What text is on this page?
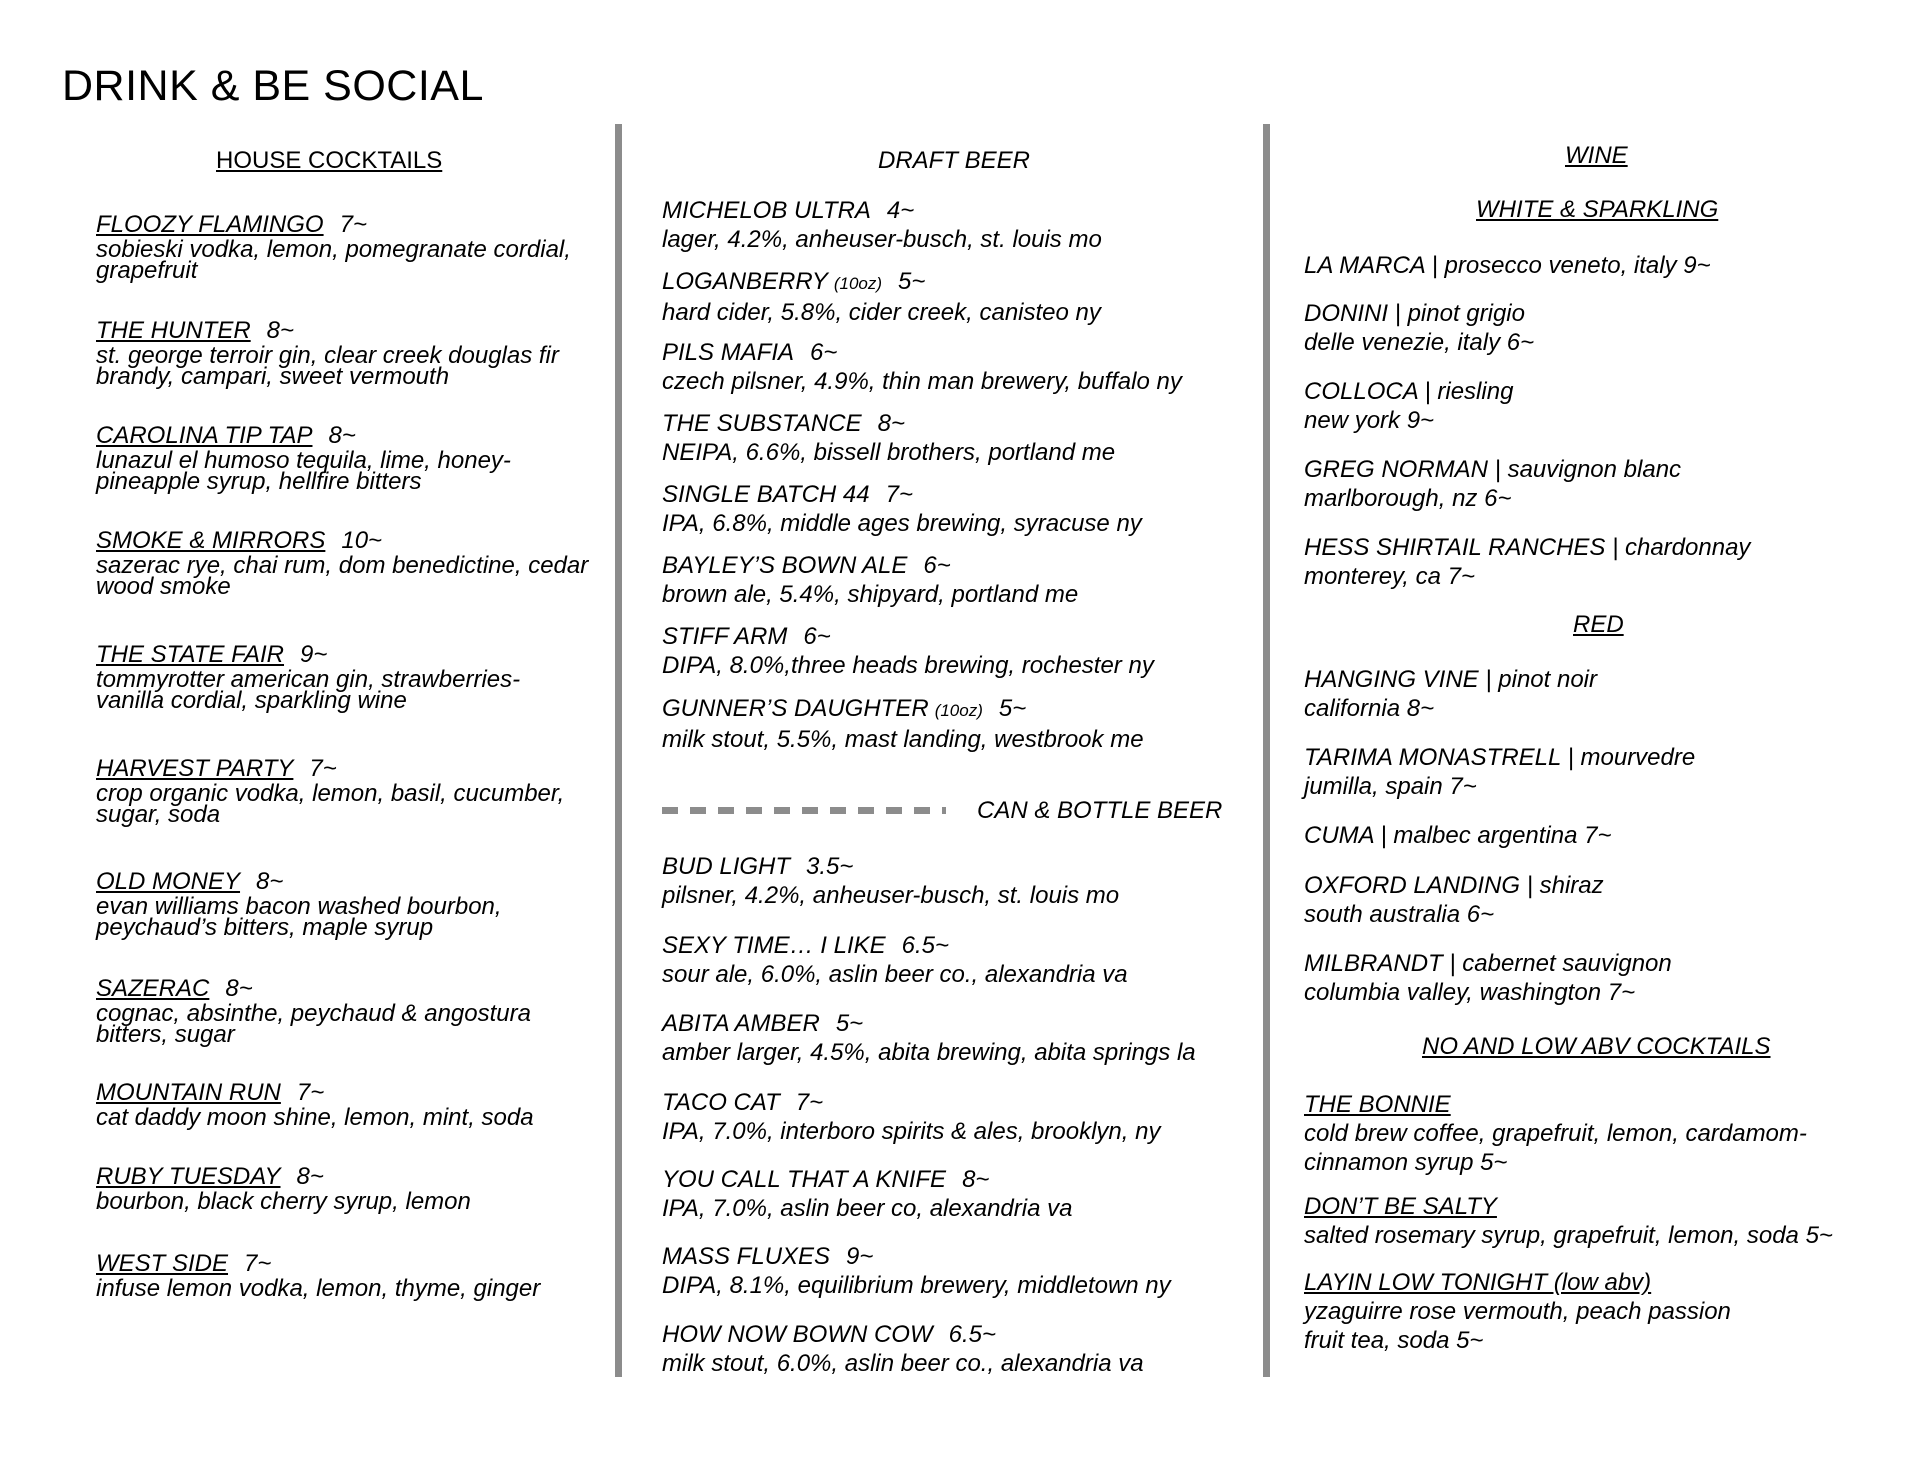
DRINK & BE SOCIAL
HOUSE COCKTAILS
FLOOZY FLAMINGO 7~
sobieski vodka, lemon, pomegranate cordial,
grapefruit
THE HUNTER 8~
st. george terroir gin, clear creek douglas fir
brandy, campari, sweet vermouth
CAROLINA TIP TAP 8~
lunazul el humoso tequila, lime, honey-
pineapple syrup, hellfire bitters
SMOKE & MIRRORS 10~
sazerac rye, chai rum, dom benedictine, cedar
wood smoke
THE STATE FAIR 9~
tommyrotter american gin, strawberries-
vanilla cordial, sparkling wine
HARVEST PARTY 7~
crop organic vodka, lemon, basil, cucumber,
sugar, soda
OLD MONEY 8~
evan williams bacon washed bourbon,
peychaud’s bitters, maple syrup
SAZERAC 8~
cognac, absinthe, peychaud & angostura
bitters, sugar
MOUNTAIN RUN 7~
cat daddy moon shine, lemon, mint, soda
RUBY TUESDAY 8~
bourbon, black cherry syrup, lemon
WEST SIDE 7~
infuse lemon vodka, lemon, thyme, ginger
DRAFT BEER
MICHELOB ULTRA 4~
lager, 4.2%, anheuser-busch, st. louis mo
LOGANBERRY (10oz) 5~
hard cider, 5.8%, cider creek, canisteo ny
PILS MAFIA 6~
czech pilsner, 4.9%, thin man brewery, buffalo ny
THE SUBSTANCE 8~
NEIPA, 6.6%, bissell brothers, portland me
SINGLE BATCH 44 7~
IPA, 6.8%, middle ages brewing, syracuse ny
BAYLEY’S BOWN ALE 6~
brown ale, 5.4%, shipyard, portland me
STIFF ARM 6~
DIPA, 8.0%,three heads brewing, rochester ny
GUNNER’S DAUGHTER (10oz) 5~
milk stout, 5.5%, mast landing, westbrook me
CAN & BOTTLE BEER
BUD LIGHT 3.5~
pilsner, 4.2%, anheuser-busch, st. louis mo
SEXY TIME… I LIKE 6.5~
sour ale, 6.0%, aslin beer co., alexandria va
ABITA AMBER 5~
amber larger, 4.5%, abita brewing, abita springs la
TACO CAT 7~
IPA, 7.0%, interboro spirits & ales, brooklyn, ny
YOU CALL THAT A KNIFE 8~
IPA, 7.0%, aslin beer co, alexandria va
MASS FLUXES 9~
DIPA, 8.1%, equilibrium brewery, middletown ny
HOW NOW BOWN COW 6.5~
milk stout, 6.0%, aslin beer co., alexandria va
WINE
WHITE & SPARKLING
LA MARCA | prosecco veneto, italy 9~
DONINI | pinot grigio
delle venezie, italy 6~
COLLOCA | riesling
new york 9~
GREG NORMAN | sauvignon blanc
marlborough, nz 6~
HESS SHIRTAIL RANCHES | chardonnay
monterey, ca 7~
RED
HANGING VINE | pinot noir
california 8~
TARIMA MONASTRELL | mourvedre
jumilla, spain 7~
CUMA | malbec argentina 7~
OXFORD LANDING | shiraz
south australia 6~
MILBRANDT | cabernet sauvignon
columbia valley, washington 7~
NO AND LOW ABV COCKTAILS
THE BONNIE
cold brew coffee, grapefruit, lemon, cardamom-
cinnamon syrup 5~
DON’T BE SALTY
salted rosemary syrup, grapefruit, lemon, soda 5~
LAYIN LOW TONIGHT (low abv)
yzaguirre rose vermouth, peach passion
fruit tea, soda 5~
